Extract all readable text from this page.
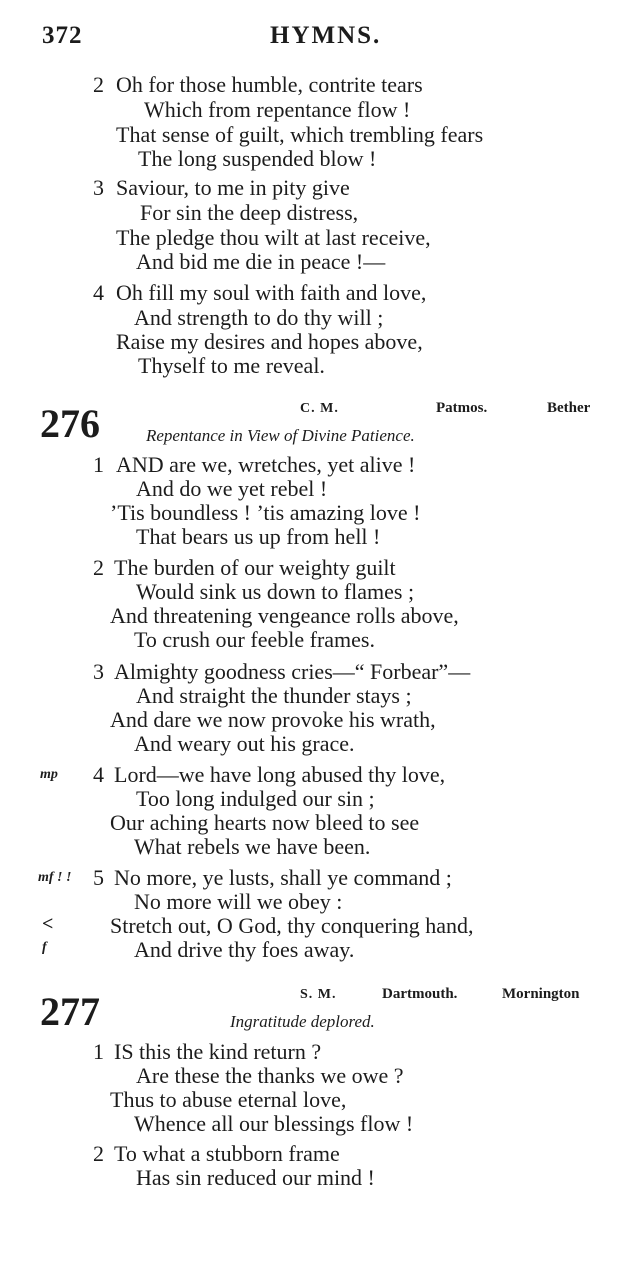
372	HYMNS.
2 Oh for those humble, contrite tears
Which from repentance flow !
That sense of guilt, which trembling fears
The long suspended blow !
3 Saviour, to me in pity give
For sin the deep distress,
The pledge thou wilt at last receive,
And bid me die in peace !—
4 Oh fill my soul with faith and love,
And strength to do thy will ;
Raise my desires and hopes above,
Thyself to me reveal.
276	C. M.	Patmos.	Bether
Repentance in View of Divine Patience.
1 AND are we, wretches, yet alive !
And do we yet rebel !
’Tis boundless ! ’tis amazing love !
That bears us up from hell !
2 The burden of our weighty guilt
Would sink us down to flames ;
And threatening vengeance rolls above,
To crush our feeble frames.
3 Almighty goodness cries—“ Forbear”—
And straight the thunder stays ;
And dare we now provoke his wrath,
And weary out his grace.
mp	4 Lord—we have long abused thy love,
Too long indulged our sin ;
Our aching hearts now bleed to see
What rebels we have been.
mf ! ! 5 No more, ye lusts, shall ye command ;
No more will we obey :
<	Stretch out, O God, thy conquering hand,
f	And drive thy foes away.
277	S. M.	Dartmouth.	Mornington
Ingratitude deplored.
1 IS this the kind return ?
Are these the thanks we owe ?
Thus to abuse eternal love,
Whence all our blessings flow !
2 To what a stubborn frame
Has sin reduced our mind !
